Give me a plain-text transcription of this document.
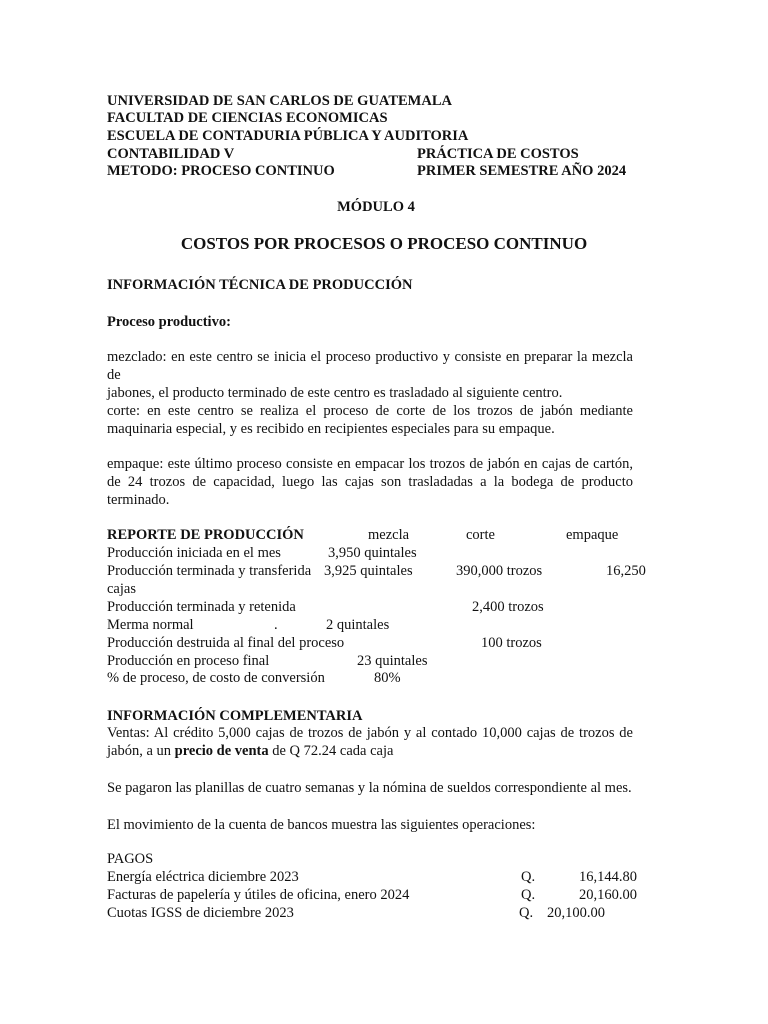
UNIVERSIDAD DE SAN CARLOS DE GUATEMALA
FACULTAD DE CIENCIAS ECONOMICAS
ESCUELA DE CONTADURIA PÚBLICA Y AUDITORIA
CONTABILIDAD V	PRÁCTICA DE COSTOS
METODO: PROCESO CONTINUO	PRIMER SEMESTRE AÑO 2024
MÓDULO 4
COSTOS POR PROCESOS O PROCESO CONTINUO
INFORMACIÓN TÉCNICA DE PRODUCCIÓN
Proceso productivo:
mezclado: en este centro se inicia el proceso productivo y consiste en preparar la mezcla de
jabones, el producto terminado de este centro es trasladado al siguiente centro.
corte: en este centro se realiza el proceso de corte de los trozos de jabón mediante
maquinaria especial, y es recibido en recipientes especiales para su empaque.
empaque: este último proceso consiste en empacar los trozos de jabón en cajas de cartón,
de 24 trozos de capacidad, luego las cajas son trasladadas a la bodega de producto
terminado.
REPORTE DE PRODUCCIÓN	mezcla	corte	empaque
Producción iniciada en el mes	3,950 quintales
Producción terminada y transferida 3,925 quintales	390,000 trozos	16,250
cajas
Producción terminada y retenida	2,400 trozos
Merma normal	.	2 quintales
Producción destruida al final del proceso	100 trozos
Producción en proceso final	23 quintales
% de proceso, de costo de conversión	80%
INFORMACIÓN COMPLEMENTARIA
Ventas: Al crédito 5,000 cajas de trozos de jabón y al contado 10,000 cajas de trozos de
jabón, a un precio de venta de Q 72.24 cada caja
Se pagaron las planillas de cuatro semanas y la nómina de sueldos correspondiente al mes.
El movimiento de la cuenta de bancos muestra las siguientes operaciones:
PAGOS
Energía eléctrica diciembre 2023	Q.	16,144.80
Facturas de papelería y útiles de oficina, enero 2024	Q.	20,160.00
Cuotas IGSS de diciembre 2023	Q. 20,100.00
